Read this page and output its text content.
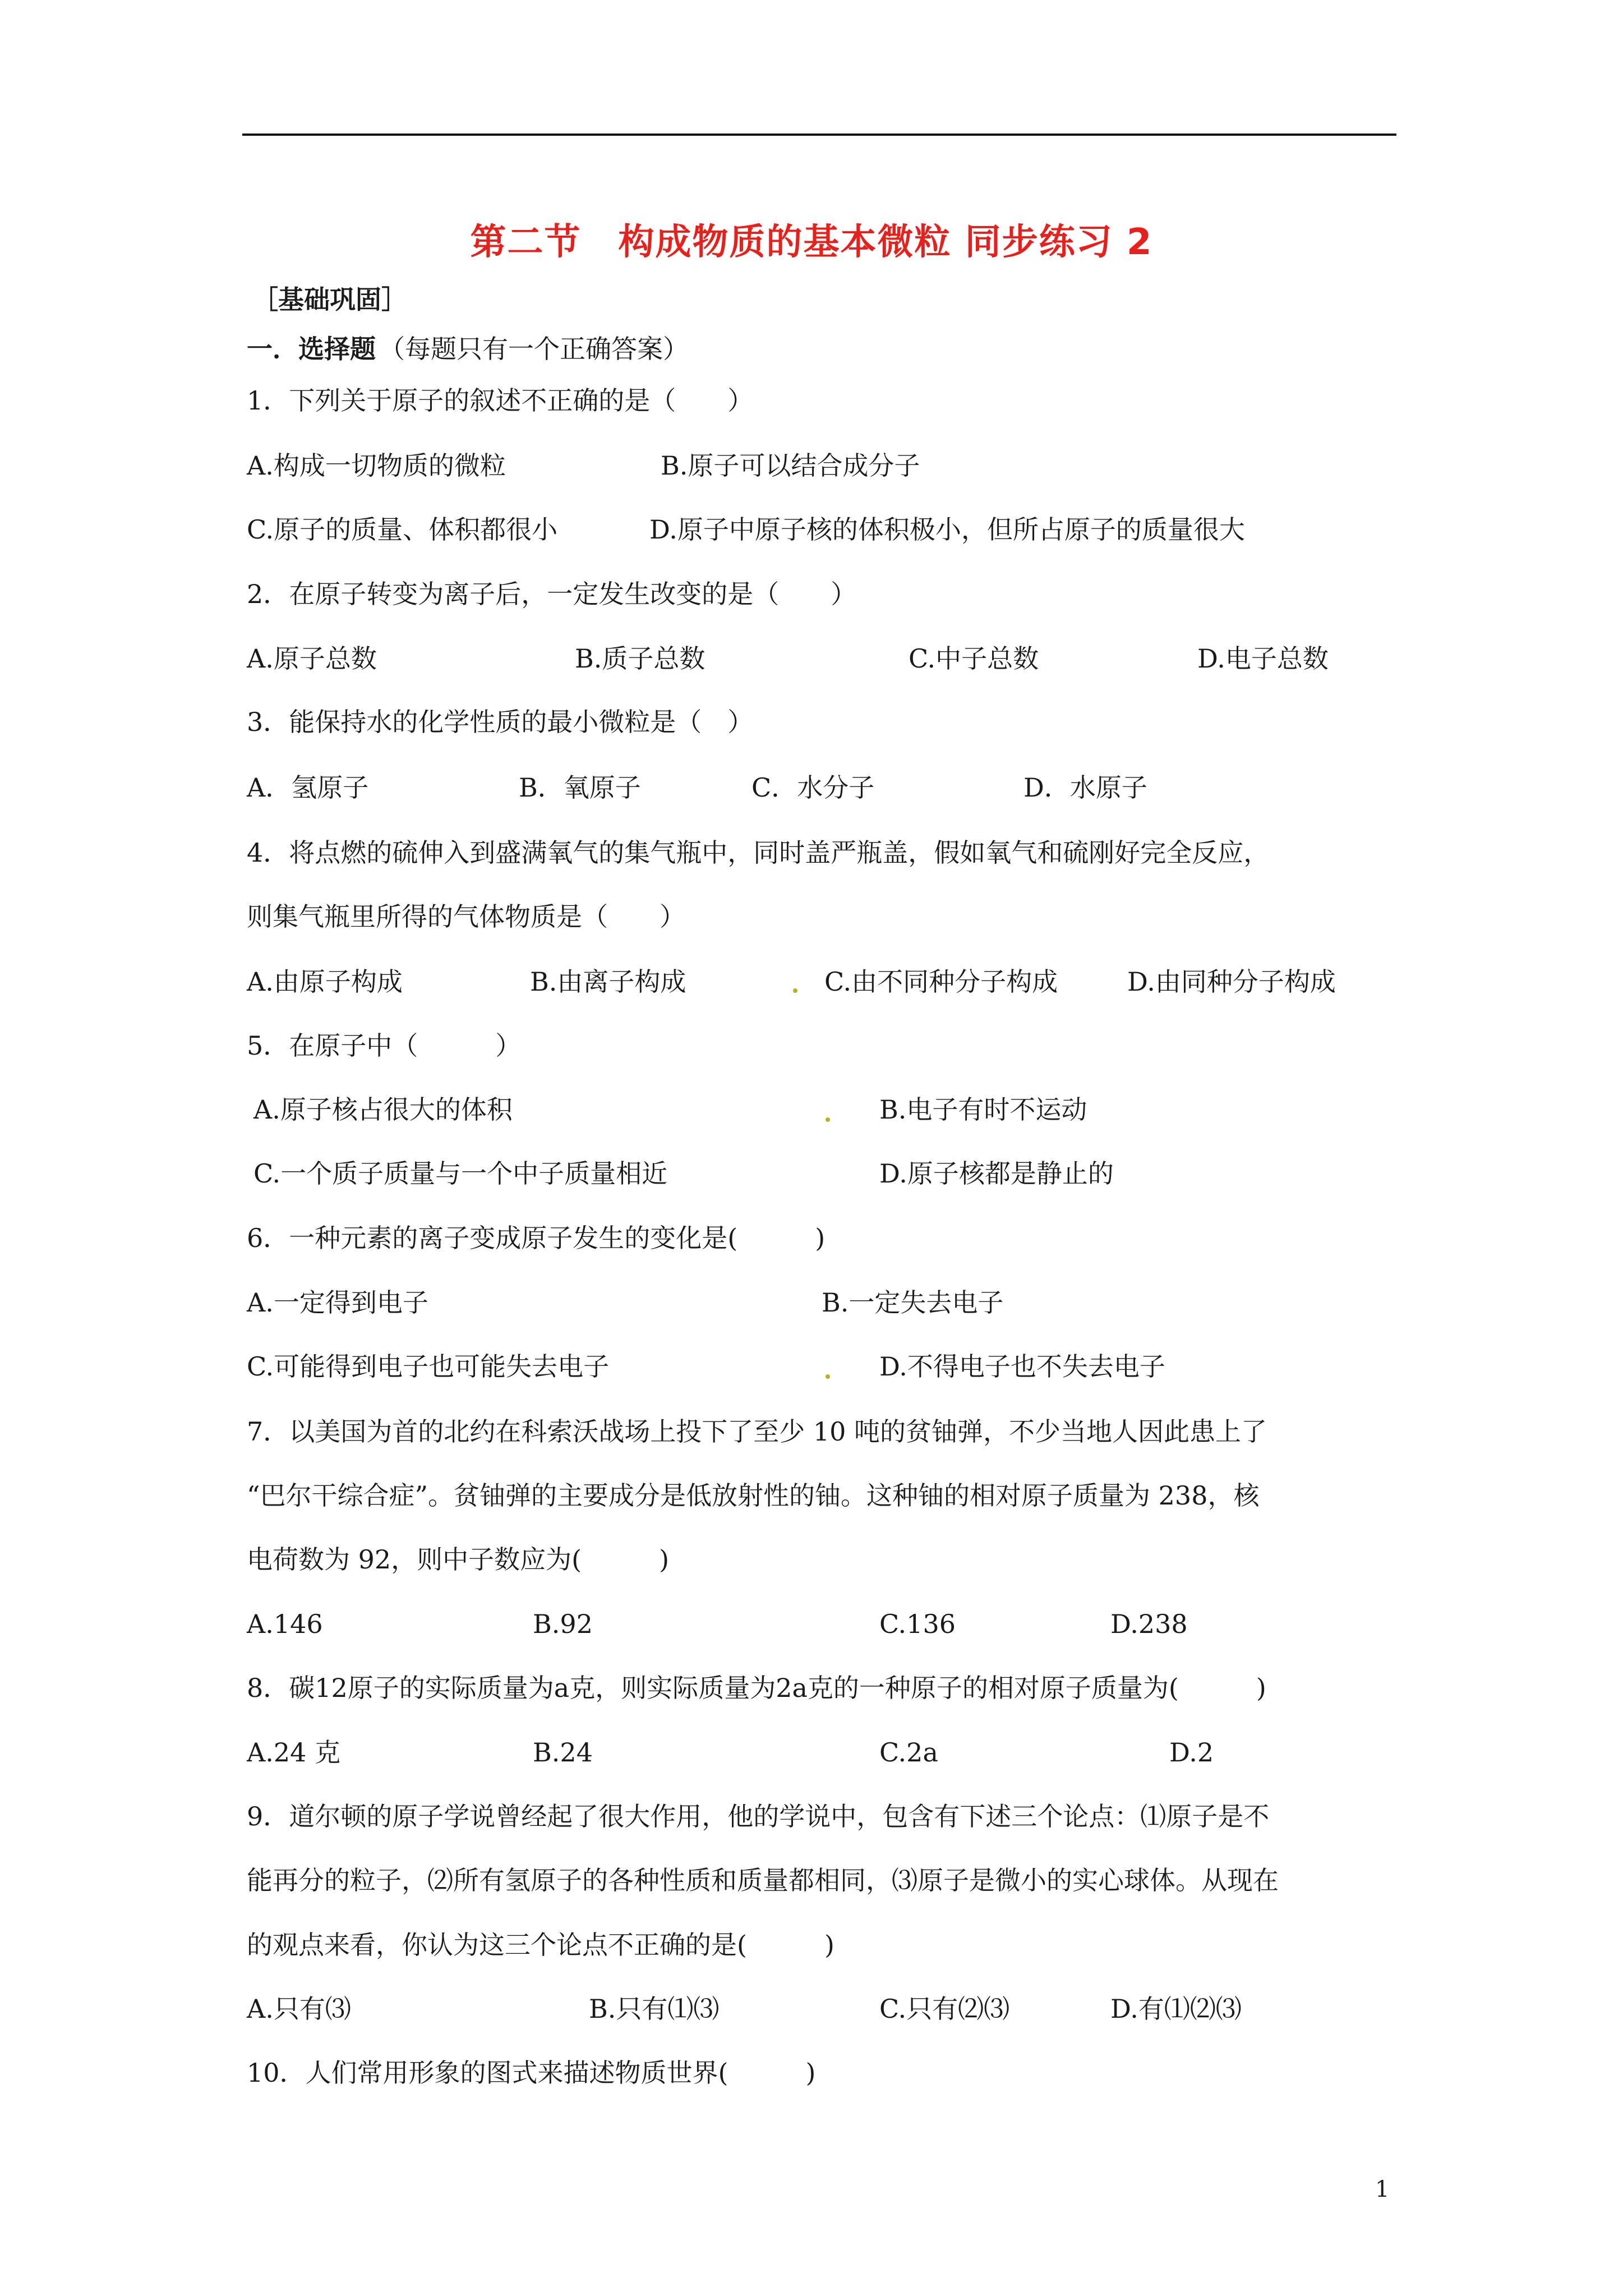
第二节　构成物质的基本微粒 同步练习 2
［基础巩固］
一．选择题 （每题只有一个正确答案）
1．下列关于原子的叙述不正确的是（　　）
A.构成一切物质的微粒	B.原子可以结合成分子
C.原子的质量、体积都很小	D.原子中原子核的体积极小，但所占原子的质量很大
2．在原子转变为离子后，一定发生改变的是（　　）
A.原子总数	B.质子总数	C.中子总数	D.电子总数
3．能保持水的化学性质的最小微粒是（　）
A．氢原子	B．氧原子	C．水分子	D．水原子
4．将点燃的硫伸入到盛满氧气的集气瓶中，同时盖严瓶盖，假如氧气和硫刚好完全反应，
则集气瓶里所得的气体物质是（　　）
A.由原子构成	B.由离子构成	C.由不同种分子构成	D.由同种分子构成
5．在原子中（　　　）
A.原子核占很大的体积	B.电子有时不运动
C.一个质子质量与一个中子质量相近	D.原子核都是静止的
6．一种元素的离子变成原子发生的变化是(　　　)
A.一定得到电子	B.一定失去电子
C.可能得到电子也可能失去电子	D.不得电子也不失去电子
7．以美国为首的北约在科索沃战场上投下了至少 10 吨的贫铀弹，不少当地人因此患上了
“巴尔干综合症”。贫铀弹的主要成分是低放射性的铀。这种铀的相对原子质量为 238，核
电荷数为 92，则中子数应为(　　　)
A.146	B.92	C.136	D.238
8．碳12原子的实际质量为a克，则实际质量为2a克的一种原子的相对原子质量为(　　　)
A.24 克	B.24	C.2a	D.2
9．道尔顿的原子学说曾经起了很大作用，他的学说中，包含有下述三个论点：⑴原子是不
能再分的粒子，⑵所有氢原子的各种性质和质量都相同，⑶原子是微小的实心球体。从现在
的观点来看，你认为这三个论点不正确的是(　　　)
A.只有⑶	B.只有⑴⑶	C.只有⑵⑶	D.有⑴⑵⑶
10．人们常用形象的图式来描述物质世界(　　　)
1
